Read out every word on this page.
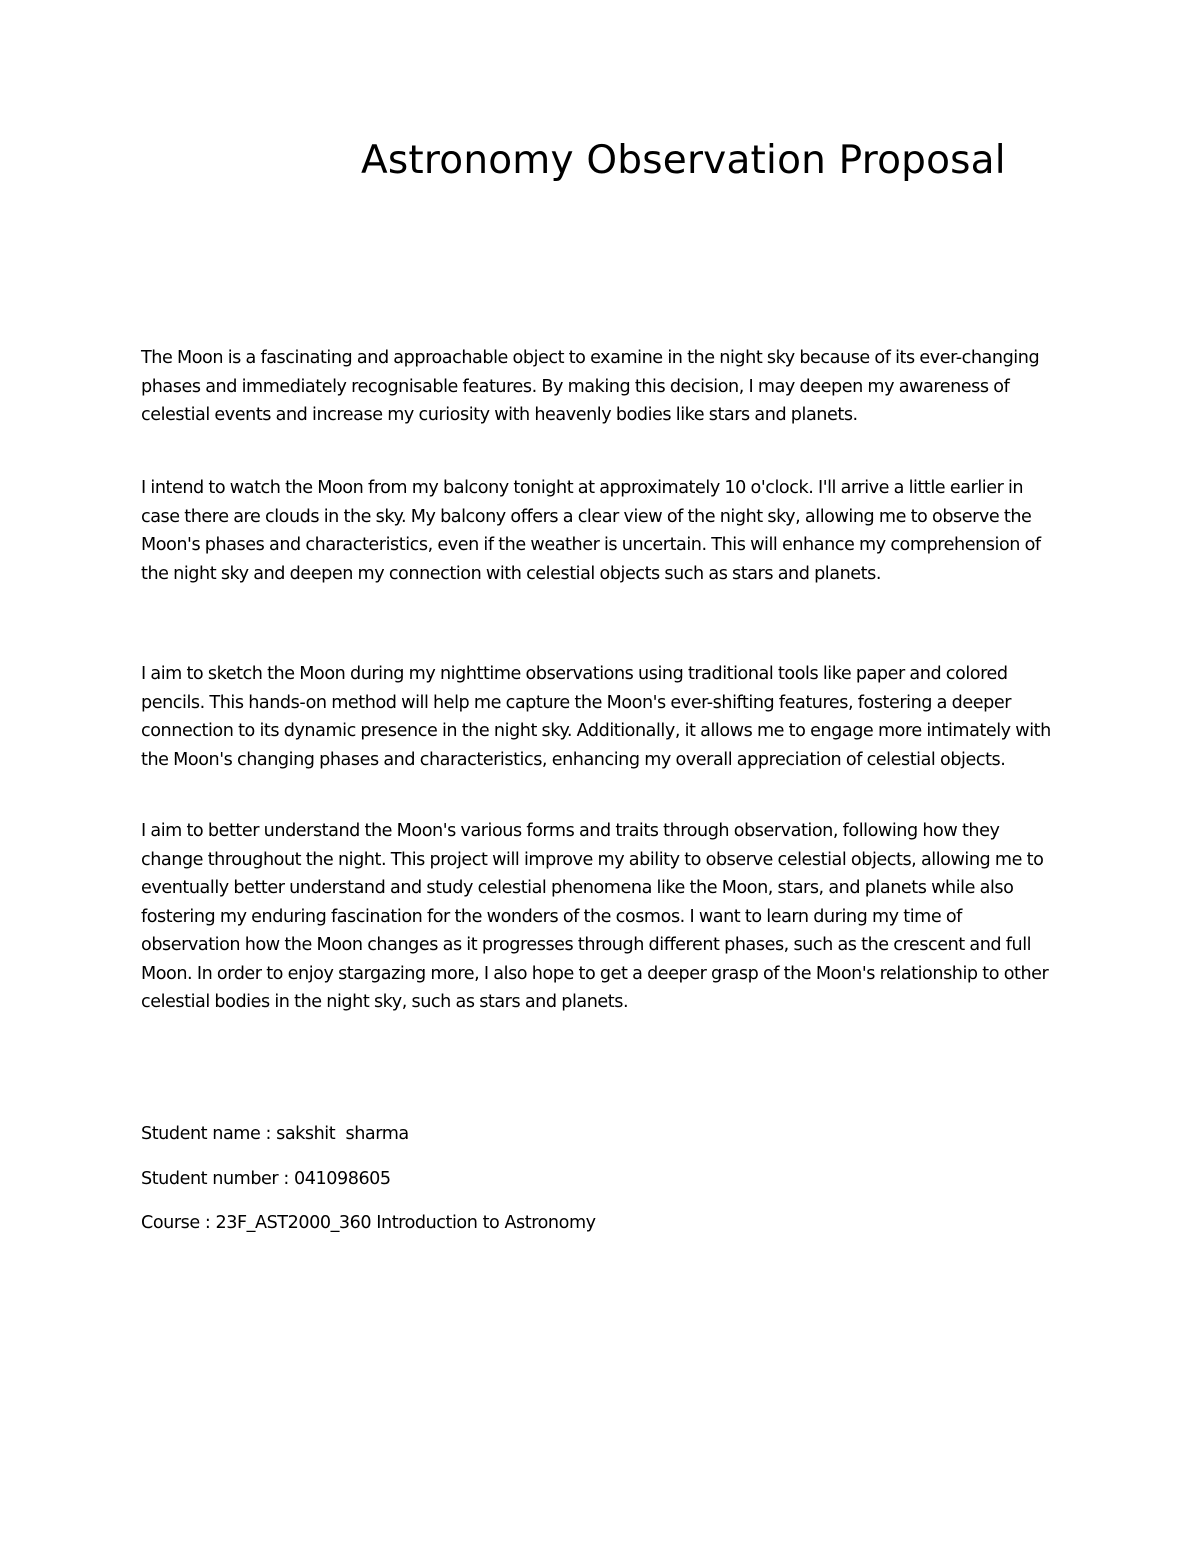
Astronomy Observation Proposal

The Moon is a fascinating and approachable object to examine in the night sky because of its ever-changing phases and immediately recognisable features. By making this decision, I may deepen my awareness of celestial events and increase my curiosity with heavenly bodies like stars and planets.

I intend to watch the Moon from my balcony tonight at approximately 10 o'clock. I'll arrive a little earlier in case there are clouds in the sky. My balcony offers a clear view of the night sky, allowing me to observe the Moon's phases and characteristics, even if the weather is uncertain. This will enhance my comprehension of the night sky and deepen my connection with celestial objects such as stars and planets.

I aim to sketch the Moon during my nighttime observations using traditional tools like paper and colored pencils. This hands-on method will help me capture the Moon's ever-shifting features, fostering a deeper connection to its dynamic presence in the night sky. Additionally, it allows me to engage more intimately with the Moon's changing phases and characteristics, enhancing my overall appreciation of celestial objects.

I aim to better understand the Moon's various forms and traits through observation, following how they change throughout the night. This project will improve my ability to observe celestial objects, allowing me to eventually better understand and study celestial phenomena like the Moon, stars, and planets while also fostering my enduring fascination for the wonders of the cosmos. I want to learn during my time of observation how the Moon changes as it progresses through different phases, such as the crescent and full Moon. In order to enjoy stargazing more, I also hope to get a deeper grasp of the Moon's relationship to other celestial bodies in the night sky, such as stars and planets.

Student name : sakshit  sharma

Student number : 041098605

Course : 23F_AST2000_360 Introduction to Astronomy
